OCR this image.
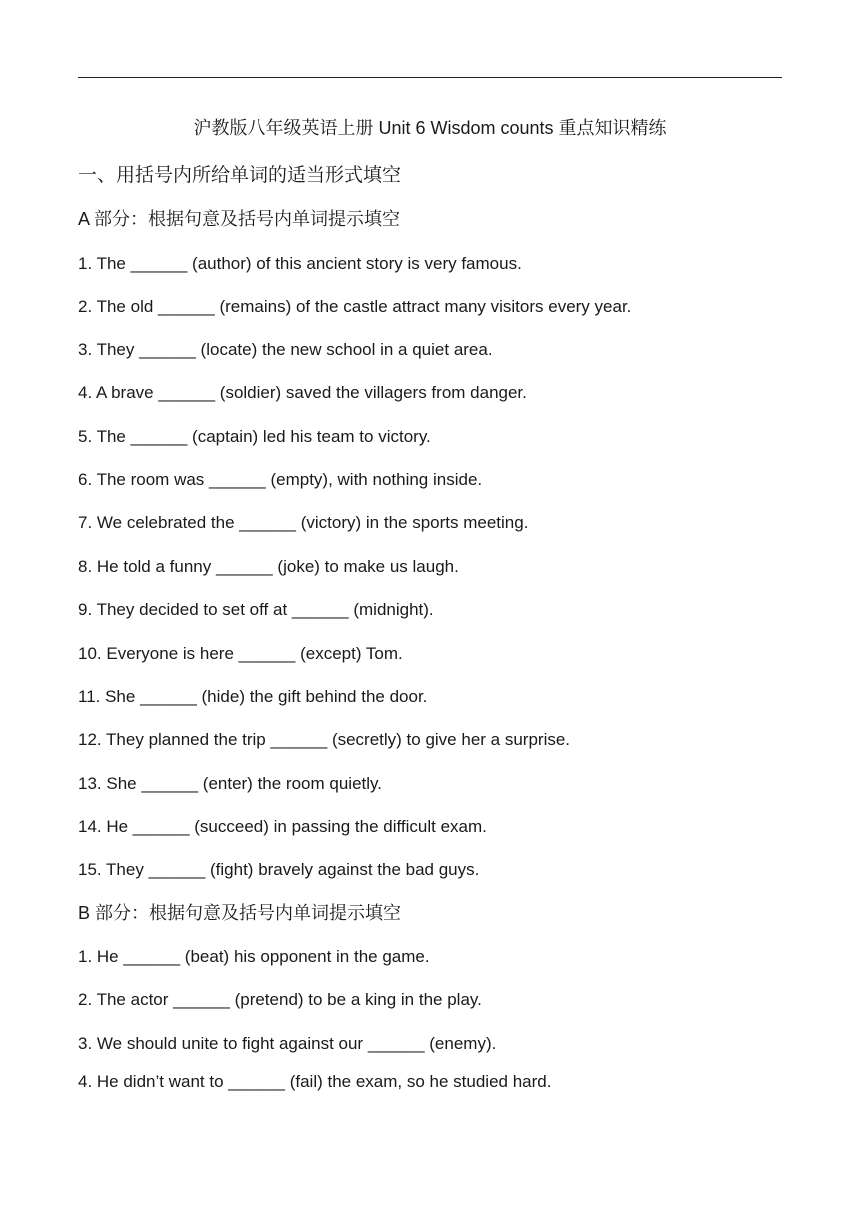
沪教版八年级英语上册 Unit 6 Wisdom counts 重点知识精练
一、用括号内所给单词的适当形式填空
A 部分：根据句意及括号内单词提示填空
1. The ______ (author) of this ancient story is very famous.
2. The old ______ (remains) of the castle attract many visitors every year.
3. They ______ (locate) the new school in a quiet area.
4. A brave ______ (soldier) saved the villagers from danger.
5. The ______ (captain) led his team to victory.
6. The room was ______ (empty), with nothing inside.
7. We celebrated the ______ (victory) in the sports meeting.
8. He told a funny ______ (joke) to make us laugh.
9. They decided to set off at ______ (midnight).
10. Everyone is here ______ (except) Tom.
11. She ______ (hide) the gift behind the door.
12. They planned the trip ______ (secretly) to give her a surprise.
13. She ______ (enter) the room quietly.
14. He ______ (succeed) in passing the difficult exam.
15. They ______ (fight) bravely against the bad guys.
B 部分：根据句意及括号内单词提示填空
1. He ______ (beat) his opponent in the game.
2. The actor ______ (pretend) to be a king in the play.
3. We should unite to fight against our ______ (enemy).
4. He didn’t want to ______ (fail) the exam, so he studied hard.
